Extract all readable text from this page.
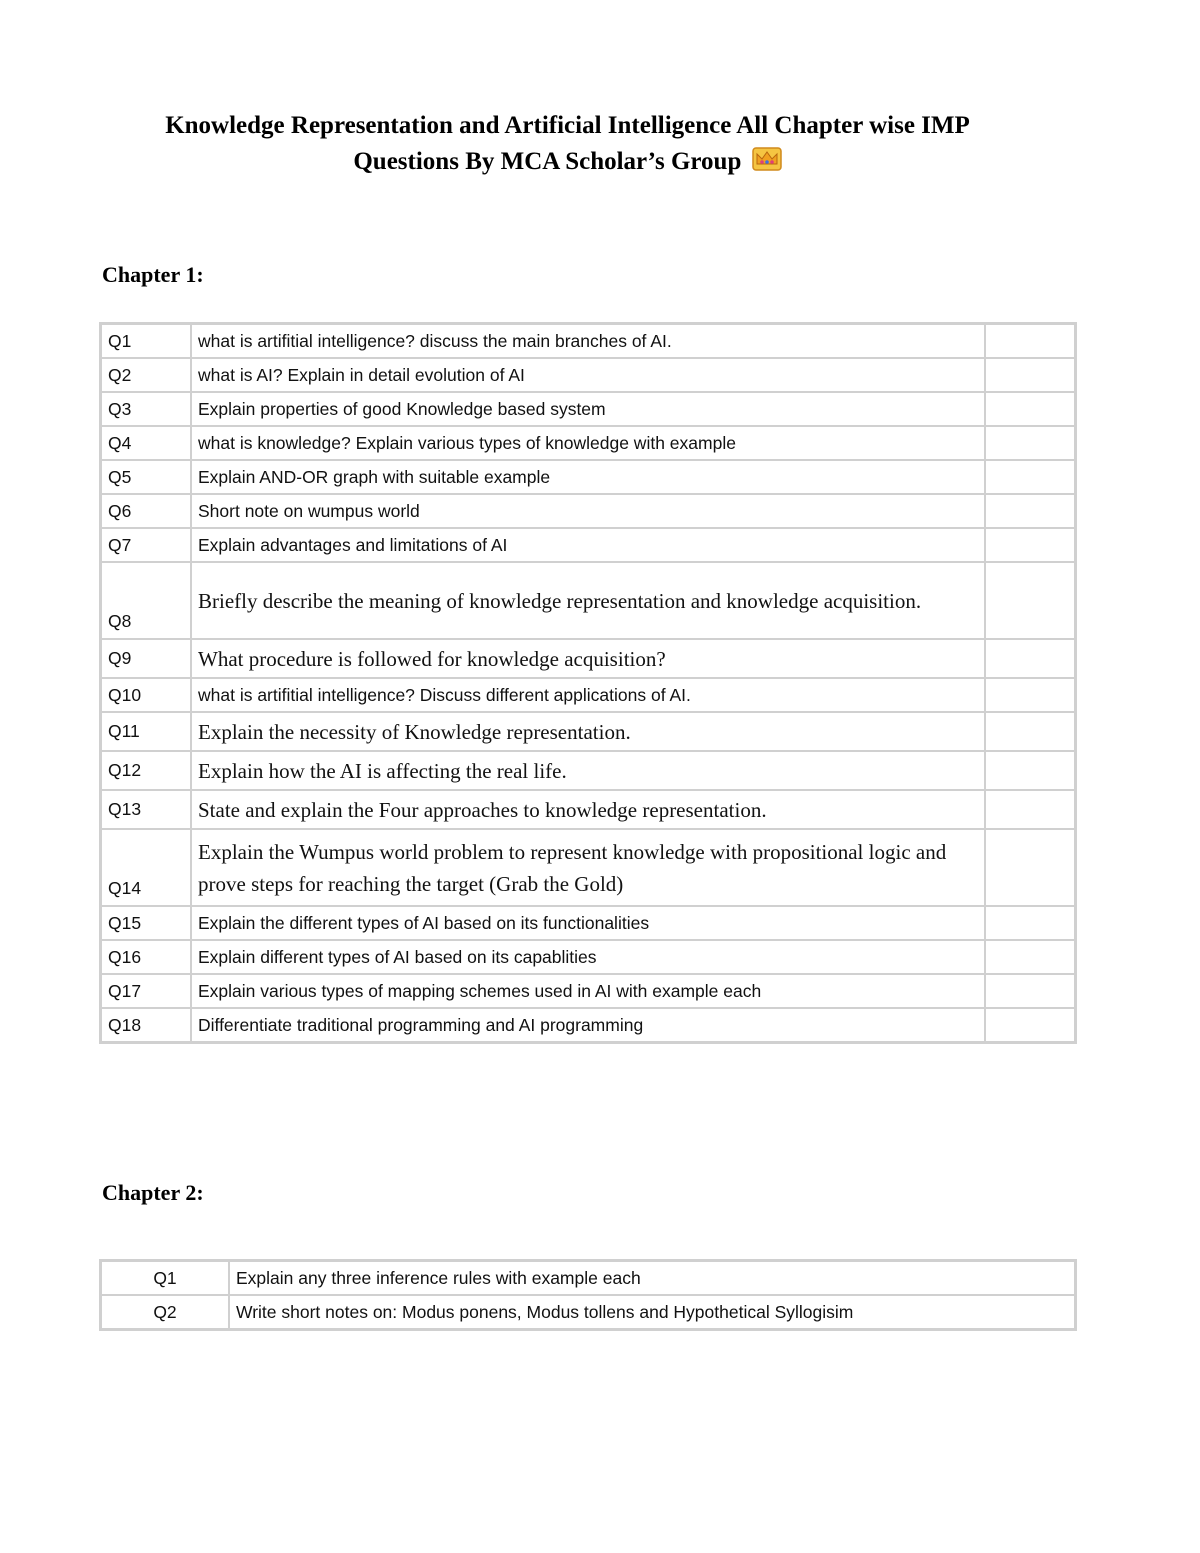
Knowledge Representation and Artificial Intelligence All Chapter wise IMP
Questions By MCA Scholar’s Group
Chapter 1:
Q1	what is artifitial intelligence? discuss the main branches of AI.	
Q2	what is AI? Explain in detail evolution of AI	
Q3	Explain properties of good Knowledge based system	
Q4	what is knowledge? Explain various types of knowledge with example	
Q5	Explain AND-OR graph with suitable example	
Q6	Short note on wumpus world	
Q7	Explain advantages and limitations of AI	
Q8	Briefly describe the meaning of knowledge representation and knowledge acquisition.	
Q9	What procedure is followed for knowledge acquisition?	
Q10	what is artifitial intelligence? Discuss different applications of AI.	
Q11	Explain the necessity of Knowledge representation.	
Q12	Explain how the AI is affecting the real life.	
Q13	State and explain the Four approaches to knowledge representation.	
Q14	Explain the Wumpus world problem to represent knowledge with propositional logic and prove steps for reaching the target (Grab the Gold)	
Q15	Explain the different types of AI based on its functionalities	
Q16	Explain different types of AI based on its capablities	
Q17	Explain various types of mapping schemes used in AI with example each	
Q18	Differentiate traditional programming and AI programming	
Chapter 2:
Q1	Explain any three inference rules with example each
Q2	Write short notes on: Modus ponens, Modus tollens and Hypothetical Syllogisim
